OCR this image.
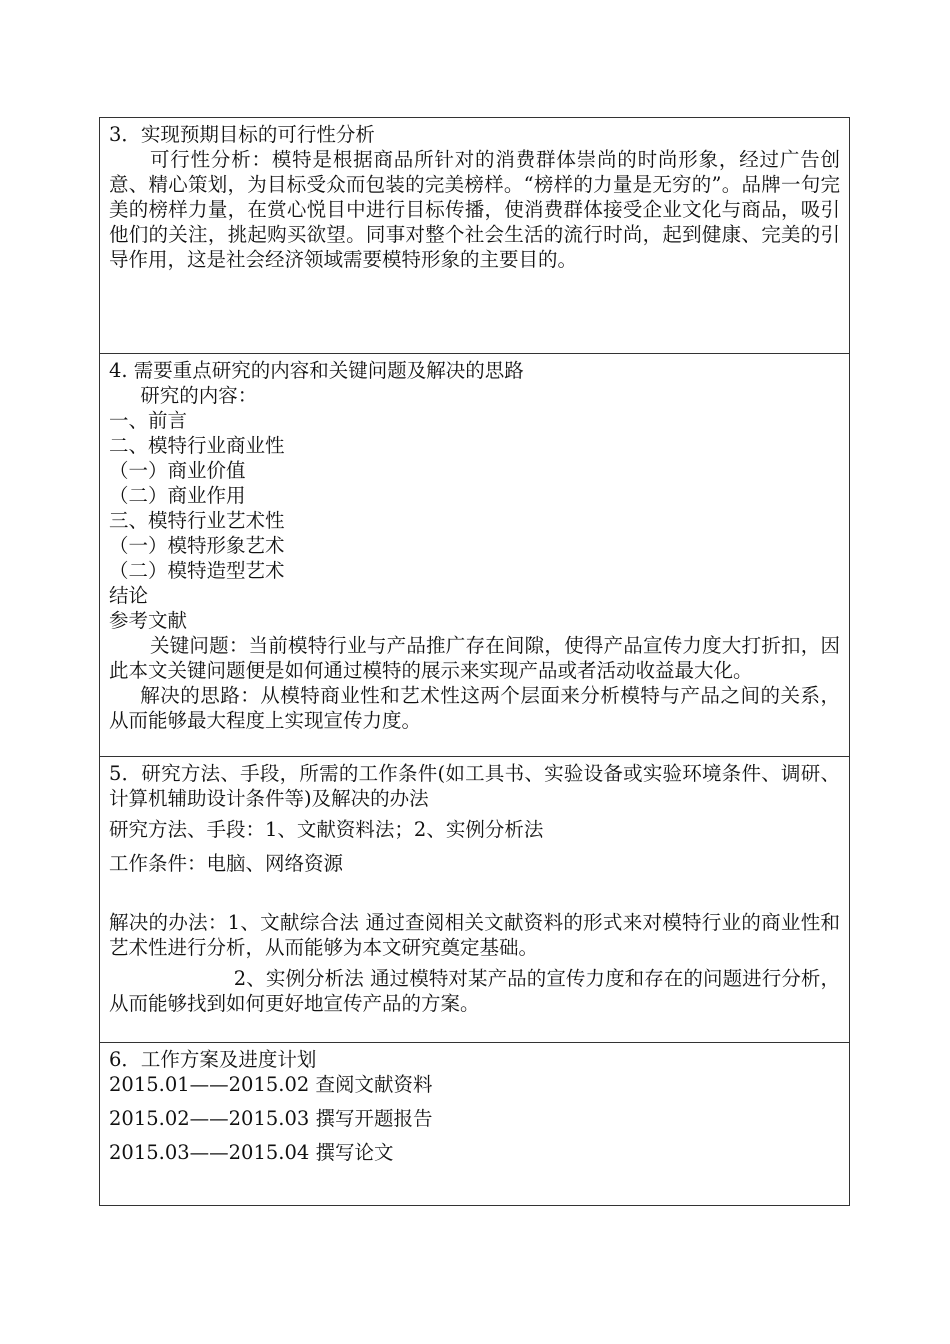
3．实现预期目标的可行性分析

可行性分析：模特是根据商品所针对的消费群体崇尚的时尚形象，经过广告创意、精心策划，为目标受众而包装的完美榜样。“榜样的力量是无穷的”。品牌一句完美的榜样力量，在赏心悦目中进行目标传播，使消费群体接受企业文化与商品，吸引他们的关注，挑起购买欲望。同事对整个社会生活的流行时尚，起到健康、完美的引导作用，这是社会经济领域需要模特形象的主要目的。

4. 需要重点研究的内容和关键问题及解决的思路

研究的内容：

一、前言

二、模特行业商业性

（一）商业价值

（二）商业作用

三、模特行业艺术性

（一）模特形象艺术

（二）模特造型艺术

结论

参考文献

关键问题：当前模特行业与产品推广存在间隙，使得产品宣传力度大打折扣，因此本文关键问题便是如何通过模特的展示来实现产品或者活动收益最大化。

解决的思路：从模特商业性和艺术性这两个层面来分析模特与产品之间的关系，从而能够最大程度上实现宣传力度。

5．研究方法、手段，所需的工作条件(如工具书、实验设备或实验环境条件、调研、计算机辅助设计条件等)及解决的办法

研究方法、手段：1、文献资料法；2、实例分析法

工作条件：电脑、网络资源

解决的办法：1、文献综合法 通过查阅相关文献资料的形式来对模特行业的商业性和艺术性进行分析，从而能够为本文研究奠定基础。

2、实例分析法 通过模特对某产品的宣传力度和存在的问题进行分析，从而能够找到如何更好地宣传产品的方案。

6．工作方案及进度计划

2015.01——2015.02 查阅文献资料

2015.02——2015.03 撰写开题报告

2015.03——2015.04 撰写论文
